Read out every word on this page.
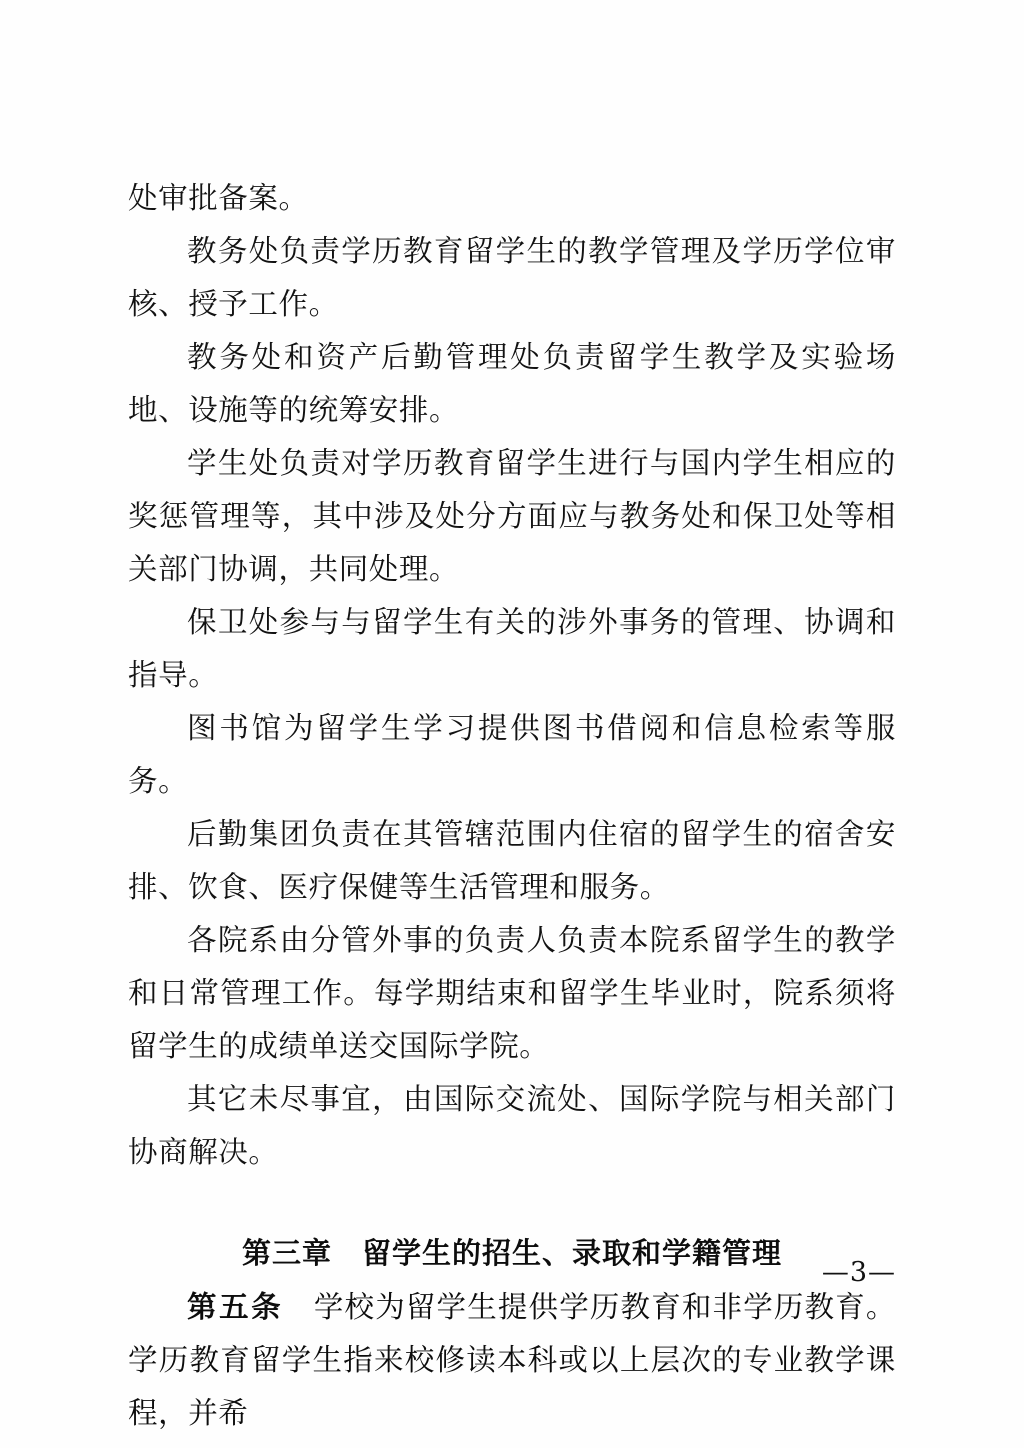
处审批备案。

教务处负责学历教育留学生的教学管理及学历学位审核、授予工作。

教务处和资产后勤管理处负责留学生教学及实验场地、设施等的统筹安排。

学生处负责对学历教育留学生进行与国内学生相应的奖惩管理等，其中涉及处分方面应与教务处和保卫处等相关部门协调，共同处理。

保卫处参与与留学生有关的涉外事务的管理、协调和指导。

图书馆为留学生学习提供图书借阅和信息检索等服务。

后勤集团负责在其管辖范围内住宿的留学生的宿舍安排、饮食、医疗保健等生活管理和服务。

各院系由分管外事的负责人负责本院系留学生的教学和日常管理工作。每学期结束和留学生毕业时，院系须将留学生的成绩单送交国际学院。

其它未尽事宜，由国际交流处、国际学院与相关部门协商解决。

第三章　留学生的招生、录取和学籍管理

第五条　学校为留学生提供学历教育和非学历教育。学历教育留学生指来校修读本科或以上层次的专业教学课程，并希

—3—
